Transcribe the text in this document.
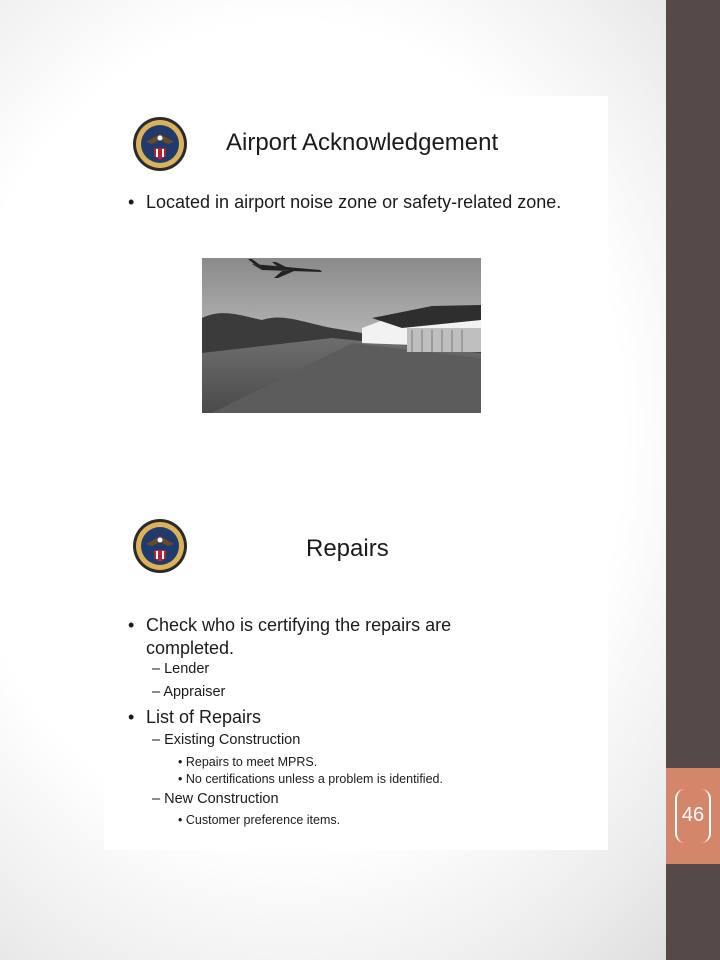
46
Airport Acknowledgement
• Located in airport noise zone or safety-related zone.
Repairs
• Check who is certifying the repairs are completed.
– Lender
– Appraiser
• List of Repairs
– Existing Construction
• Repairs to meet MPRS.
• No certifications unless a problem is identified.
– New Construction
• Customer preference items.
